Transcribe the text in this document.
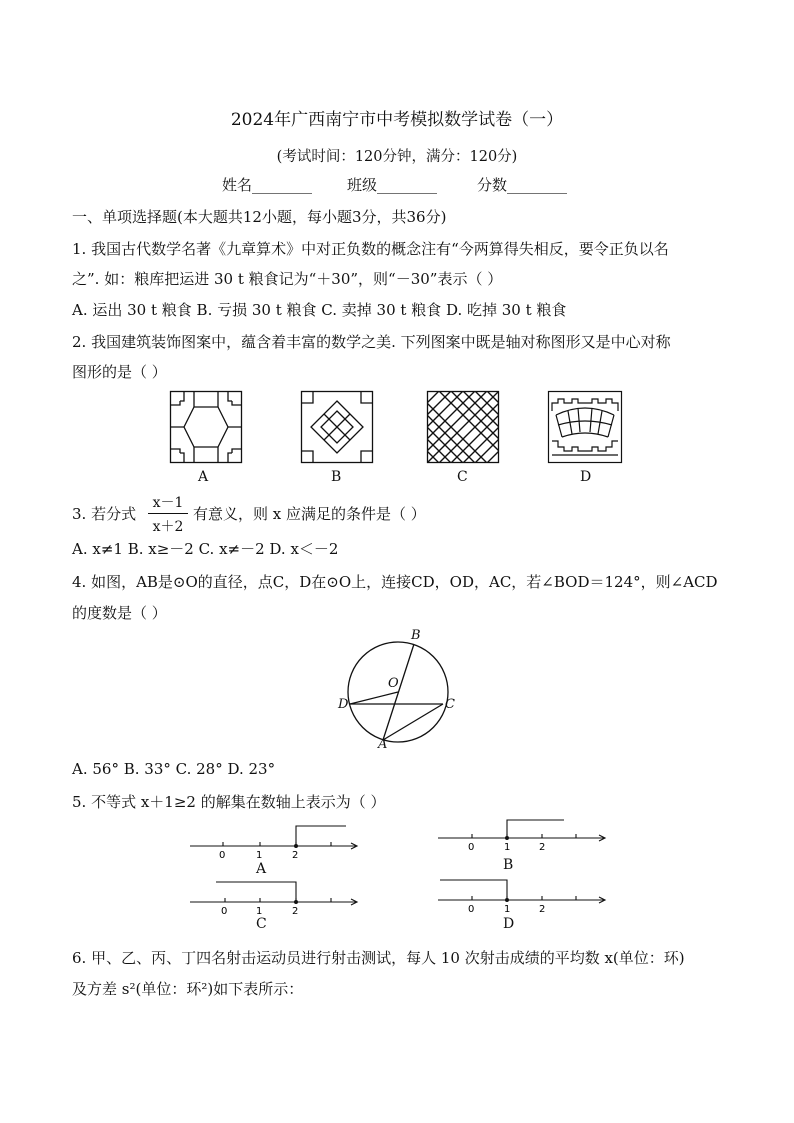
2024年广西南宁市中考模拟数学试卷（一）
(考试时间：120分钟，满分：120分)
姓名________ 班级________	分数________
一、单项选择题(本大题共12小题，每小题3分，共36分)
1. 我国古代数学名著《九章算术》中对正负数的概念注有“今两算得失相反，要令正负以名
之”. 如：粮库把运进 30 t 粮食记为“＋30”，则“－30”表示（ ）
A. 运出 30 t 粮食 B. 亏损 30 t 粮食 C. 卖掉 30 t 粮食 D. 吃掉 30 t 粮食
2. 我国建筑装饰图案中，蕴含着丰富的数学之美. 下列图案中既是轴对称图形又是中心对称
图形的是（ ）
A	B	C	D
3. 若分式 $\frac{x-1}{x+2}$ 有意义，则 x 应满足的条件是（ ）
A. x≠1 B. x≥－2 C. x≠－2 D. x＜－2
4. 如图，AB是⊙O的直径，点C，D在⊙O上，连接CD，OD，AC，若∠BOD＝124°，则∠ACD
的度数是（ ）
B
O
D	C
A
A. 56° B. 33° C. 28° D. 23°
5. 不等式 x＋1≥2 的解集在数轴上表示为（ ）
0	1	2
A
0	1	2
B
0	1	2
C
0	1	2
D
6. 甲、乙、丙、丁四名射击运动员进行射击测试，每人 10 次射击成绩的平均数 x(单位：环)
及方差 s²(单位：环²)如下表所示：
